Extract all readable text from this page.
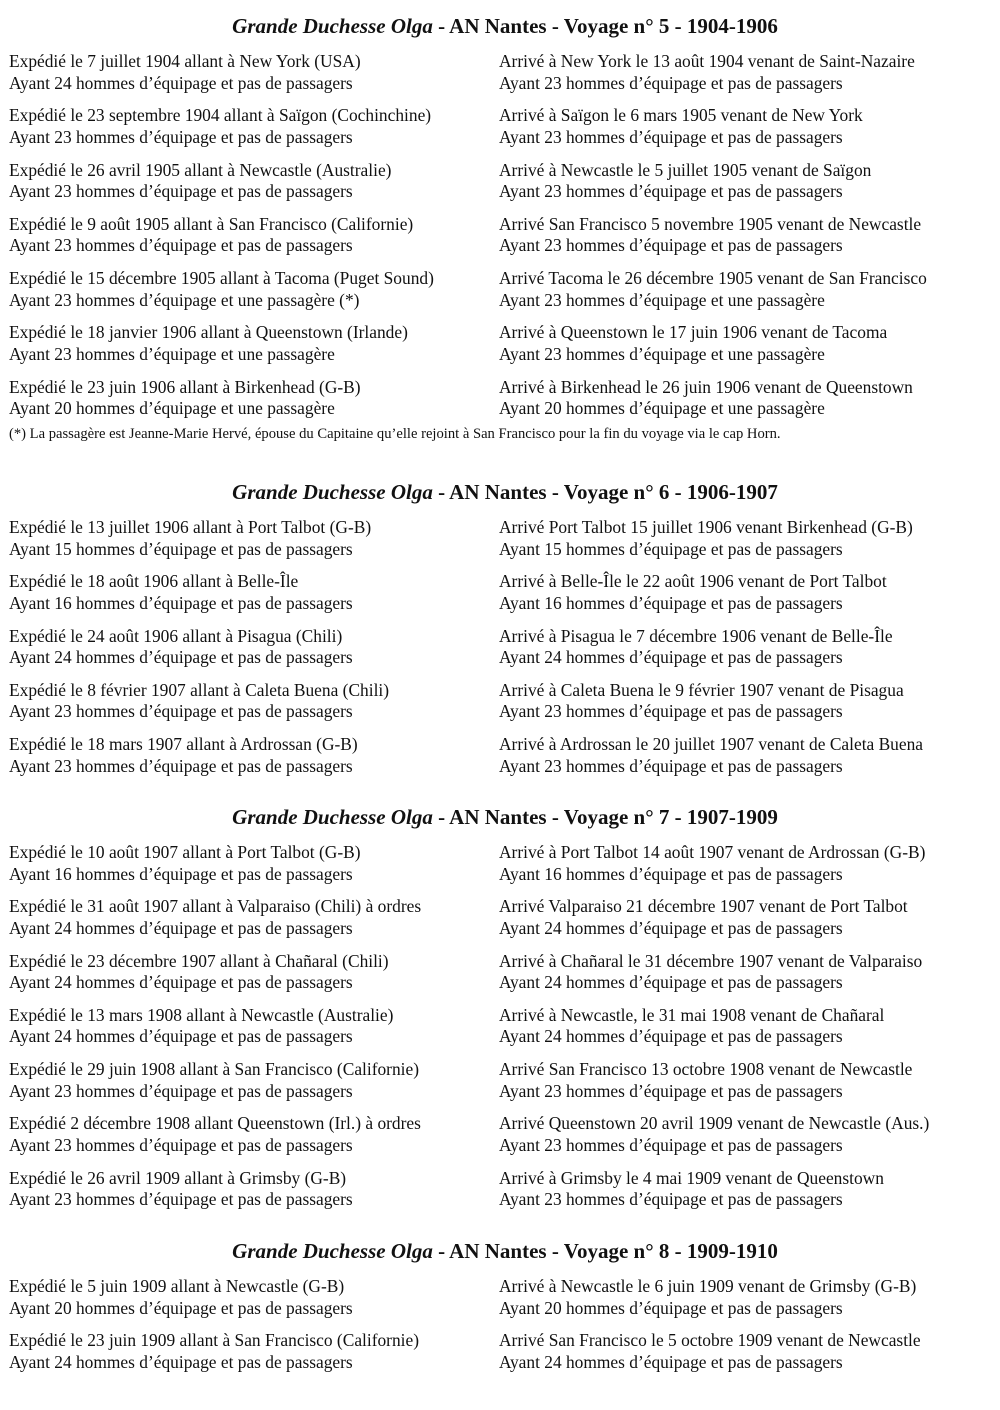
Grande Duchesse Olga - AN Nantes - Voyage n° 5 - 1904-1906
Expédié le 7 juillet 1904 allant à New York (USA)
Ayant 24 hommes d’équipage et pas de passagers
Arrivé à New York le 13 août 1904 venant de Saint-Nazaire
Ayant 23 hommes d’équipage et pas de passagers
Expédié le 23 septembre 1904 allant à Saïgon (Cochinchine)
Ayant 23 hommes d’équipage et pas de passagers
Arrivé à Saïgon le 6 mars 1905 venant de New York
Ayant 23 hommes d’équipage et pas de passagers
Expédié le 26 avril 1905 allant à Newcastle (Australie)
Ayant 23 hommes d’équipage et pas de passagers
Arrivé à Newcastle le 5 juillet 1905 venant de Saïgon
Ayant 23 hommes d’équipage et pas de passagers
Expédié le 9 août 1905 allant à San Francisco (Californie)
Ayant 23 hommes d’équipage et pas de passagers
Arrivé San Francisco 5 novembre 1905 venant de Newcastle
Ayant 23 hommes d’équipage et pas de passagers
Expédié le 15 décembre 1905 allant à Tacoma (Puget Sound)
Ayant 23 hommes d’équipage et une passagère (*)
Arrivé Tacoma le 26 décembre 1905 venant de San Francisco
Ayant 23 hommes d’équipage et une passagère
Expédié le 18 janvier 1906 allant à Queenstown (Irlande)
Ayant 23 hommes d’équipage et une passagère
Arrivé à Queenstown le 17 juin 1906 venant de Tacoma
Ayant 23 hommes d’équipage et une passagère
Expédié le 23 juin 1906 allant à Birkenhead (G-B)
Ayant 20 hommes d’équipage et une passagère
Arrivé à Birkenhead le 26 juin 1906 venant de Queenstown
Ayant 20 hommes d’équipage et une passagère
(*) La passagère est Jeanne-Marie Hervé, épouse du Capitaine qu’elle rejoint à San Francisco pour la fin du voyage via le cap Horn.
Grande Duchesse Olga - AN Nantes - Voyage n° 6 - 1906-1907
Expédié le 13 juillet 1906 allant à Port Talbot (G-B)
Ayant 15 hommes d’équipage et pas de passagers
Arrivé Port Talbot 15 juillet 1906 venant Birkenhead (G-B)
Ayant 15 hommes d’équipage et pas de passagers
Expédié le 18 août 1906 allant à Belle-Île
Ayant 16 hommes d’équipage et pas de passagers
Arrivé à Belle-Île le 22 août 1906 venant de Port Talbot
Ayant 16 hommes d’équipage et pas de passagers
Expédié le 24 août 1906 allant à Pisagua (Chili)
Ayant 24 hommes d’équipage et pas de passagers
Arrivé à Pisagua le 7 décembre 1906 venant de Belle-Île
Ayant 24 hommes d’équipage et pas de passagers
Expédié le 8 février 1907 allant à Caleta Buena (Chili)
Ayant 23 hommes d’équipage et pas de passagers
Arrivé à Caleta Buena le 9 février 1907 venant de Pisagua
Ayant 23 hommes d’équipage et pas de passagers
Expédié le 18 mars 1907 allant à Ardrossan (G-B)
Ayant 23 hommes d’équipage et pas de passagers
Arrivé à Ardrossan le 20 juillet 1907 venant de Caleta Buena
Ayant 23 hommes d’équipage et pas de passagers
Grande Duchesse Olga - AN Nantes - Voyage n° 7 - 1907-1909
Expédié le 10 août 1907 allant à Port Talbot (G-B)
Ayant 16 hommes d’équipage et pas de passagers
Arrivé à Port Talbot 14 août 1907 venant de Ardrossan (G-B)
Ayant 16 hommes d’équipage et pas de passagers
Expédié le 31 août 1907 allant à Valparaiso (Chili) à ordres
Ayant 24 hommes d’équipage et pas de passagers
Arrivé Valparaiso 21 décembre 1907 venant de Port Talbot
Ayant 24 hommes d’équipage et pas de passagers
Expédié le 23 décembre 1907 allant à Chañaral (Chili)
Ayant 24 hommes d’équipage et pas de passagers
Arrivé à Chañaral le 31 décembre 1907 venant de Valparaiso
Ayant 24 hommes d’équipage et pas de passagers
Expédié le 13 mars 1908 allant à Newcastle (Australie)
Ayant 24 hommes d’équipage et pas de passagers
Arrivé à Newcastle, le 31 mai 1908 venant de Chañaral
Ayant 24 hommes d’équipage et pas de passagers
Expédié le 29 juin 1908 allant à San Francisco (Californie)
Ayant 23 hommes d’équipage et pas de passagers
Arrivé San Francisco 13 octobre 1908 venant de Newcastle
Ayant 23 hommes d’équipage et pas de passagers
Expédié 2 décembre 1908 allant Queenstown (Irl.) à ordres
Ayant 23 hommes d’équipage et pas de passagers
Arrivé Queenstown 20 avril 1909 venant de Newcastle (Aus.)
Ayant 23 hommes d’équipage et pas de passagers
Expédié le 26 avril 1909 allant à Grimsby (G-B)
Ayant 23 hommes d’équipage et pas de passagers
Arrivé à Grimsby le 4 mai 1909 venant de Queenstown
Ayant 23 hommes d’équipage et pas de passagers
Grande Duchesse Olga - AN Nantes - Voyage n° 8 - 1909-1910
Expédié le 5 juin 1909 allant à Newcastle (G-B)
Ayant 20 hommes d’équipage et pas de passagers
Arrivé à Newcastle le 6 juin 1909 venant de Grimsby (G-B)
Ayant 20 hommes d’équipage et pas de passagers
Expédié le 23 juin 1909 allant à San Francisco (Californie)
Ayant 24 hommes d’équipage et pas de passagers
Arrivé San Francisco le 5 octobre 1909 venant de Newcastle
Ayant 24 hommes d’équipage et pas de passagers
